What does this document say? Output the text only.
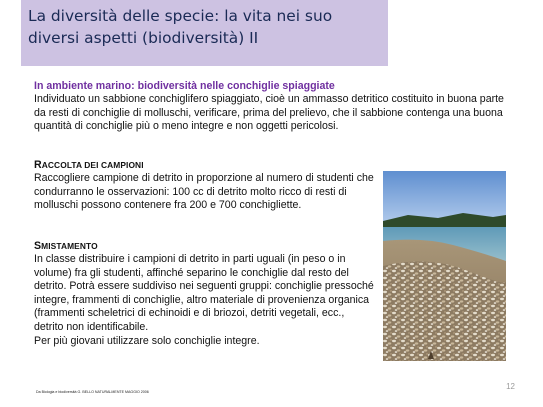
La diversità delle specie: la vita nei suo diversi aspetti (biodiversità) II

In ambiente marino: biodiversità nelle conchiglie spiaggiate

Individuato un sabbione conchiglifero spiaggiato, cioè un ammasso detritico costituito in buona parte da resti di conchiglie di molluschi, verificare, prima del prelievo, che il sabbione contenga una buona quantità di conchiglie più o meno integre e non oggetti pericolosi.

RACCOLTA DEI CAMPIONI

Raccogliere campione di detrito in proporzione al numero di studenti che condurranno le osservazioni: 100 cc di detrito molto ricco di resti di molluschi possono contenere fra 200 e 700 conchigliette.

SMISTAMENTO

In classe distribuire i campioni di detrito in parti uguali (in peso o in volume) fra gli studenti, affinché separino le conchiglie dal resto del detrito. Potrà essere suddiviso nei seguenti gruppi: conchiglie pressoché integre, frammenti di conchiglie, altro materiale di provenienza organica (frammenti scheletrici di echinoidi e di briozoi, detriti vegetali, ecc., detrito non identificabile.
Per più giovani utilizzare solo conchiglie integre.
Da Biologia e biodiversità G. BELLO NATURALMENTE MAGGIO 2006
12
